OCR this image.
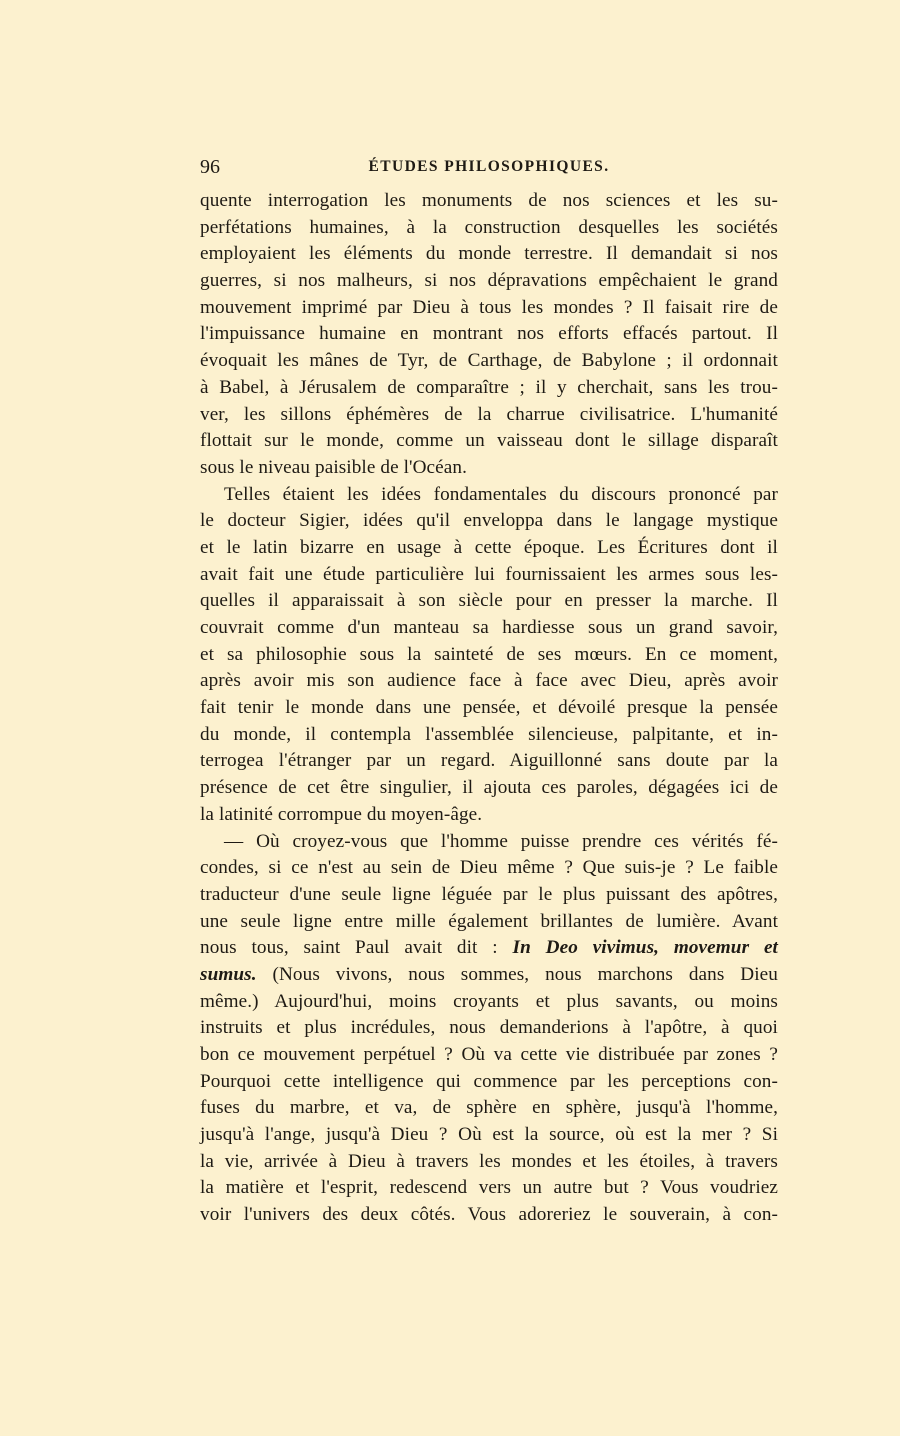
96	ÉTUDES PHILOSOPHIQUES.
quente interrogation les monuments de nos sciences et les su-
perfétations humaines, à la construction desquelles les sociétés
employaient les éléments du monde terrestre. Il demandait si nos
guerres, si nos malheurs, si nos dépravations empêchaient le grand
mouvement imprimé par Dieu à tous les mondes ? Il faisait rire de
l'impuissance humaine en montrant nos efforts effacés partout. Il
évoquait les mânes de Tyr, de Carthage, de Babylone ; il ordonnait
à Babel, à Jérusalem de comparaître ; il y cherchait, sans les trou-
ver, les sillons éphémères de la charrue civilisatrice. L'humanité
flottait sur le monde, comme un vaisseau dont le sillage disparaît
sous le niveau paisible de l'Océan.
Telles étaient les idées fondamentales du discours prononcé par
le docteur Sigier, idées qu'il enveloppa dans le langage mystique
et le latin bizarre en usage à cette époque. Les Écritures dont il
avait fait une étude particulière lui fournissaient les armes sous les-
quelles il apparaissait à son siècle pour en presser la marche. Il
couvrait comme d'un manteau sa hardiesse sous un grand savoir,
et sa philosophie sous la sainteté de ses mœurs. En ce moment,
après avoir mis son audience face à face avec Dieu, après avoir
fait tenir le monde dans une pensée, et dévoilé presque la pensée
du monde, il contempla l'assemblée silencieuse, palpitante, et in-
terrogea l'étranger par un regard. Aiguillonné sans doute par la
présence de cet être singulier, il ajouta ces paroles, dégagées ici de
la latinité corrompue du moyen-âge.
— Où croyez-vous que l'homme puisse prendre ces vérités fé-
condes, si ce n'est au sein de Dieu même ? Que suis-je ? Le faible
traducteur d'une seule ligne léguée par le plus puissant des apôtres,
une seule ligne entre mille également brillantes de lumière. Avant
nous tous, saint Paul avait dit : In Deo vivimus, movemur et
sumus. (Nous vivons, nous sommes, nous marchons dans Dieu
même.) Aujourd'hui, moins croyants et plus savants, ou moins
instruits et plus incrédules, nous demanderions à l'apôtre, à quoi
bon ce mouvement perpétuel ? Où va cette vie distribuée par zones ?
Pourquoi cette intelligence qui commence par les perceptions con-
fuses du marbre, et va, de sphère en sphère, jusqu'à l'homme,
jusqu'à l'ange, jusqu'à Dieu ? Où est la source, où est la mer ? Si
la vie, arrivée à Dieu à travers les mondes et les étoiles, à travers
la matière et l'esprit, redescend vers un autre but ? Vous voudriez
voir l'univers des deux côtés. Vous adoreriez le souverain, à con-
